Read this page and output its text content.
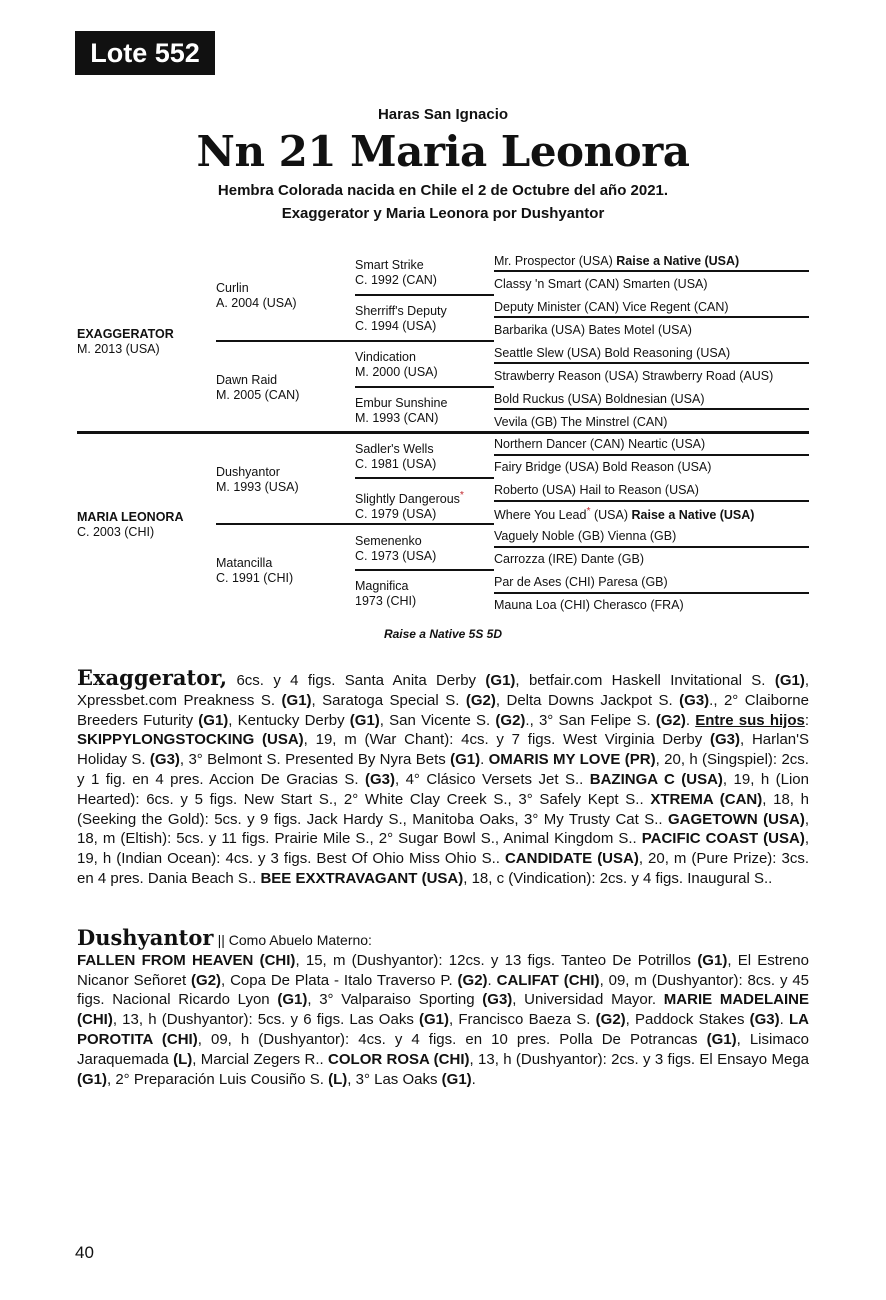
Lote 552
Haras San Ignacio
Nn 21 Maria Leonora
Hembra Colorada nacida en Chile el 2 de Octubre del año 2021.
Exaggerator y Maria Leonora por Dushyantor
EXAGGERATOR
M. 2013 (USA)
MARIA LEONORA
C. 2003 (CHI)
Curlin
A. 2004 (USA)
Dawn Raid
M. 2005 (CAN)
Dushyantor
M. 1993 (USA)
Matancilla
C. 1991 (CHI)
Smart Strike
C. 1992 (CAN)
Sherriff's Deputy
C. 1994 (USA)
Vindication
M. 2000 (USA)
Embur Sunshine
M. 1993 (CAN)
Sadler's Wells
C. 1981 (USA)
Slightly Dangerous*
C. 1979 (USA)
Semenenko
C. 1973 (USA)
Magnifica
1973 (CHI)
Mr. Prospector (USA) Raise a Native (USA)
Classy 'n Smart (CAN) Smarten (USA)
Deputy Minister (CAN) Vice Regent (CAN)
Barbarika (USA) Bates Motel (USA)
Seattle Slew (USA) Bold Reasoning (USA)
Strawberry Reason (USA) Strawberry Road (AUS)
Bold Ruckus (USA) Boldnesian (USA)
Vevila (GB) The Minstrel (CAN)
Northern Dancer (CAN) Neartic (USA)
Fairy Bridge (USA) Bold Reason (USA)
Roberto (USA) Hail to Reason (USA)
Where You Lead* (USA) Raise a Native (USA)
Vaguely Noble (GB) Vienna (GB)
Carrozza (IRE) Dante (GB)
Par de Ases (CHI) Paresa (GB)
Mauna Loa (CHI) Cherasco (FRA)
Raise a Native 5S 5D
Exaggerator, 6cs. y 4 figs. Santa Anita Derby (G1), betfair.com Haskell Invitational S. (G1), Xpressbet.com Preakness S. (G1), Saratoga Special S. (G2), Delta Downs Jackpot S. (G3)., 2° Claiborne Breeders Futurity (G1), Kentucky Derby (G1), San Vicente S. (G2)., 3° San Felipe S. (G2). Entre sus hijos: SKIPPYLONGSTOCKING (USA), 19, m (War Chant): 4cs. y 7 figs. West Virginia Derby (G3), Harlan'S Holiday S. (G3), 3° Belmont S. Presented By Nyra Bets (G1). OMARIS MY LOVE (PR), 20, h (Singspiel): 2cs. y 1 fig. en 4 pres. Accion De Gracias S. (G3), 4° Clásico Versets Jet S.. BAZINGA C (USA), 19, h (Lion Hearted): 6cs. y 5 figs. New Start S., 2° White Clay Creek S., 3° Safely Kept S.. XTREMA (CAN), 18, h (Seeking the Gold): 5cs. y 9 figs. Jack Hardy S., Manitoba Oaks, 3° My Trusty Cat S.. GAGETOWN (USA), 18, m (Eltish): 5cs. y 11 figs. Prairie Mile S., 2° Sugar Bowl S., Animal Kingdom S.. PACIFIC COAST (USA), 19, h (Indian Ocean): 4cs. y 3 figs. Best Of Ohio Miss Ohio S.. CANDIDATE (USA), 20, m (Pure Prize): 3cs. en 4 pres. Dania Beach S.. BEE EXXTRAVAGANT (USA), 18, c (Vindication): 2cs. y 4 figs. Inaugural S..
Dushyantor || Como Abuelo Materno:
FALLEN FROM HEAVEN (CHI), 15, m (Dushyantor): 12cs. y 13 figs. Tanteo De Potrillos (G1), El Estreno Nicanor Señoret (G2), Copa De Plata - Italo Traverso P. (G2). CALIFAT (CHI), 09, m (Dushyantor): 8cs. y 45 figs. Nacional Ricardo Lyon (G1), 3° Valparaiso Sporting (G3), Universidad Mayor. MARIE MADELAINE (CHI), 13, h (Dushyantor): 5cs. y 6 figs. Las Oaks (G1), Francisco Baeza S. (G2), Paddock Stakes (G3). LA POROTITA (CHI), 09, h (Dushyantor): 4cs. y 4 figs. en 10 pres. Polla De Potrancas (G1), Lisimaco Jaraquemada (L), Marcial Zegers R.. COLOR ROSA (CHI), 13, h (Dushyantor): 2cs. y 3 figs. El Ensayo Mega (G1), 2° Preparación Luis Cousiño S. (L), 3° Las Oaks (G1).
40
